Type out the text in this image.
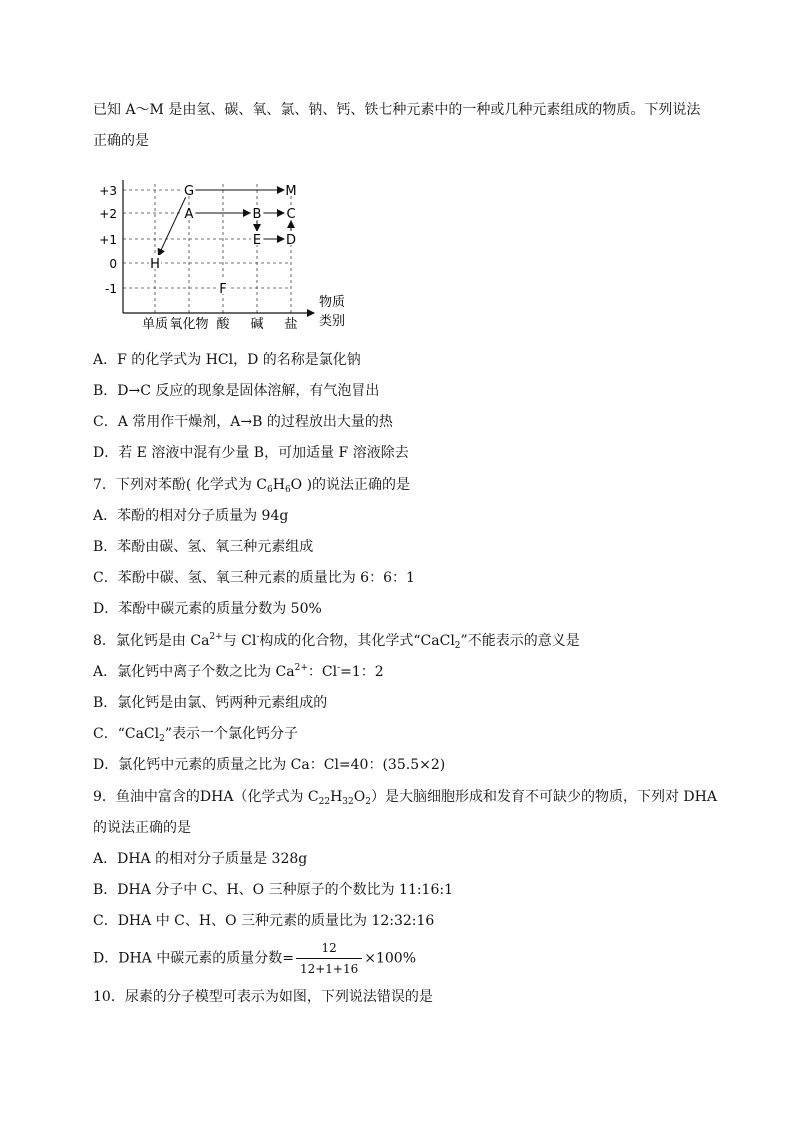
已知 A～M 是由氢、碳、氧、氯、钠、钙、铁七种元素中的一种或几种元素组成的物质。下列说法
正确的是
+3
+2
+1
0
-1
单质 氧化物 酸 碱 盐
物质
类别
G	M
A	B C
E D
H
F
A．F 的化学式为 HCl，D 的名称是氯化钠
B．D→C 反应的现象是固体溶解，有气泡冒出
C．A 常用作干燥剂，A→B 的过程放出大量的热
D．若 E 溶液中混有少量 B，可加适量 F 溶液除去
7．下列对苯酚( 化学式为 $C_6H_6O$ )的说法正确的是
A．苯酚的相对分子质量为 94g
B．苯酚由碳、氢、氧三种元素组成
C．苯酚中碳、氢、氧三种元素的质量比为 6：6：1
D．苯酚中碳元素的质量分数为 50%
8．氯化钙是由 $Ca^{2+}$与 Cl-构成的化合物，其化学式“CaCl$_2$”不能表示的意义是
A．氯化钙中离子个数之比为 $Ca^{2+}$：Cl-=1：2
B．氯化钙是由氯、钙两种元素组成的
C．“CaCl$_2$”表示一个氯化钙分子
D．氯化钙中元素的质量之比为 Ca：Cl=40：(35.5×2)
9．鱼油中富含的DHA（化学式为 $C_{22}H_{32}O_2$）是大脑细胞形成和发育不可缺少的物质，下列对 DHA
的说法正确的是
A．DHA 的相对分子质量是 328g
B．DHA 分子中 C、H、O 三种原子的个数比为 11:16:1
C．DHA 中 C、H、O 三种元素的质量比为 12:32:16
D．DHA 中碳元素的质量分数= $\frac{12}{12+1+16} \times 100\%$
10．尿素的分子模型可表示为如图，下列说法错误的是
